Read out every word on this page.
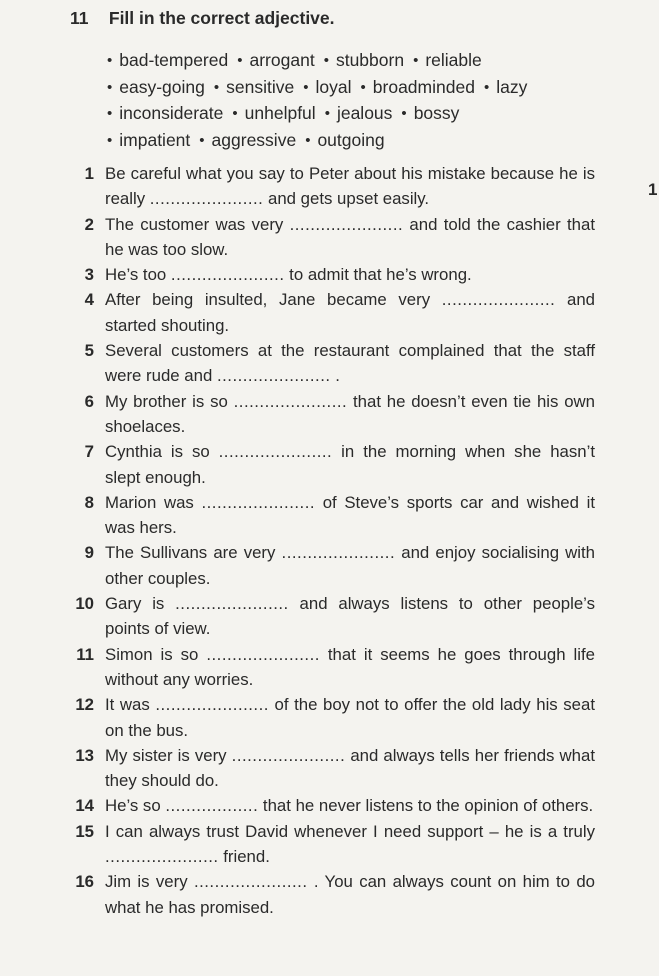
11 Fill in the correct adjective.
• bad-tempered • arrogant • stubborn • reliable
• easy-going • sensitive • loyal • broadminded • lazy
• inconsiderate • unhelpful • jealous • bossy
• impatient • aggressive • outgoing
1 Be careful what you say to Peter about his mistake because he is really ...................... and gets upset easily.
2 The customer was very ...................... and told the cashier that he was too slow.
3 He’s too ...................... to admit that he’s wrong.
4 After being insulted, Jane became very ...................... and started shouting.
5 Several customers at the restaurant complained that the staff were rude and ...................... .
6 My brother is so ...................... that he doesn’t even tie his own shoelaces.
7 Cynthia is so ...................... in the morning when she hasn’t slept enough.
8 Marion was ...................... of Steve’s sports car and wished it was hers.
9 The Sullivans are very ...................... and enjoy socialising with other couples.
10 Gary is ...................... and always listens to other people’s points of view.
11 Simon is so ...................... that it seems he goes through life without any worries.
12 It was ...................... of the boy not to offer the old lady his seat on the bus.
13 My sister is very ...................... and always tells her friends what they should do.
14 He’s so .................. that he never listens to the opinion of others.
15 I can always trust David whenever I need support – he is a truly ...................... friend.
16 Jim is very ...................... . You can always count on him to do what he has promised.
1
